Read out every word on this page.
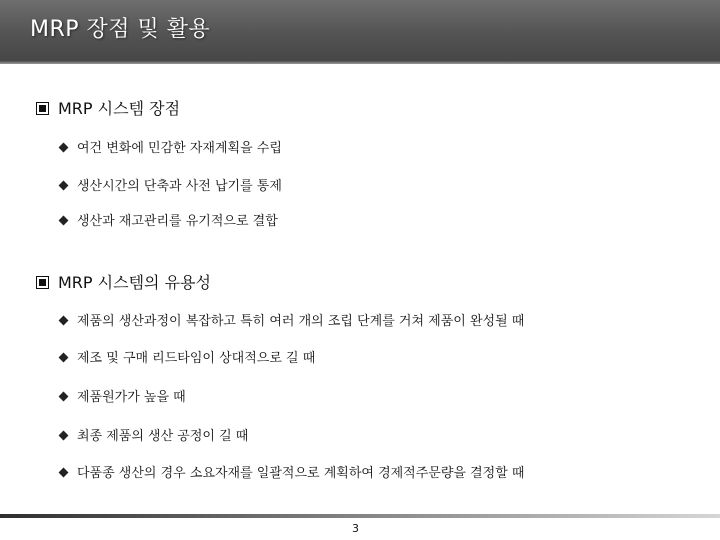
MRP 장점 및 활용
MRP 시스템 장점
여건 변화에 민감한 자재계획을 수립
생산시간의 단축과 사전 납기를 통제
생산과 재고관리를 유기적으로 결합
MRP 시스템의 유용성
제품의 생산과정이 복잡하고 특히 여러 개의 조립 단계를 거쳐 제품이 완성될 때
제조 및 구매 리드타임이 상대적으로 길 때
제품원가가 높을 때
최종 제품의 생산 공정이 길 때
다품종 생산의 경우 소요자재를 일괄적으로 계획하여 경제적주문량을 결정할 때
3
